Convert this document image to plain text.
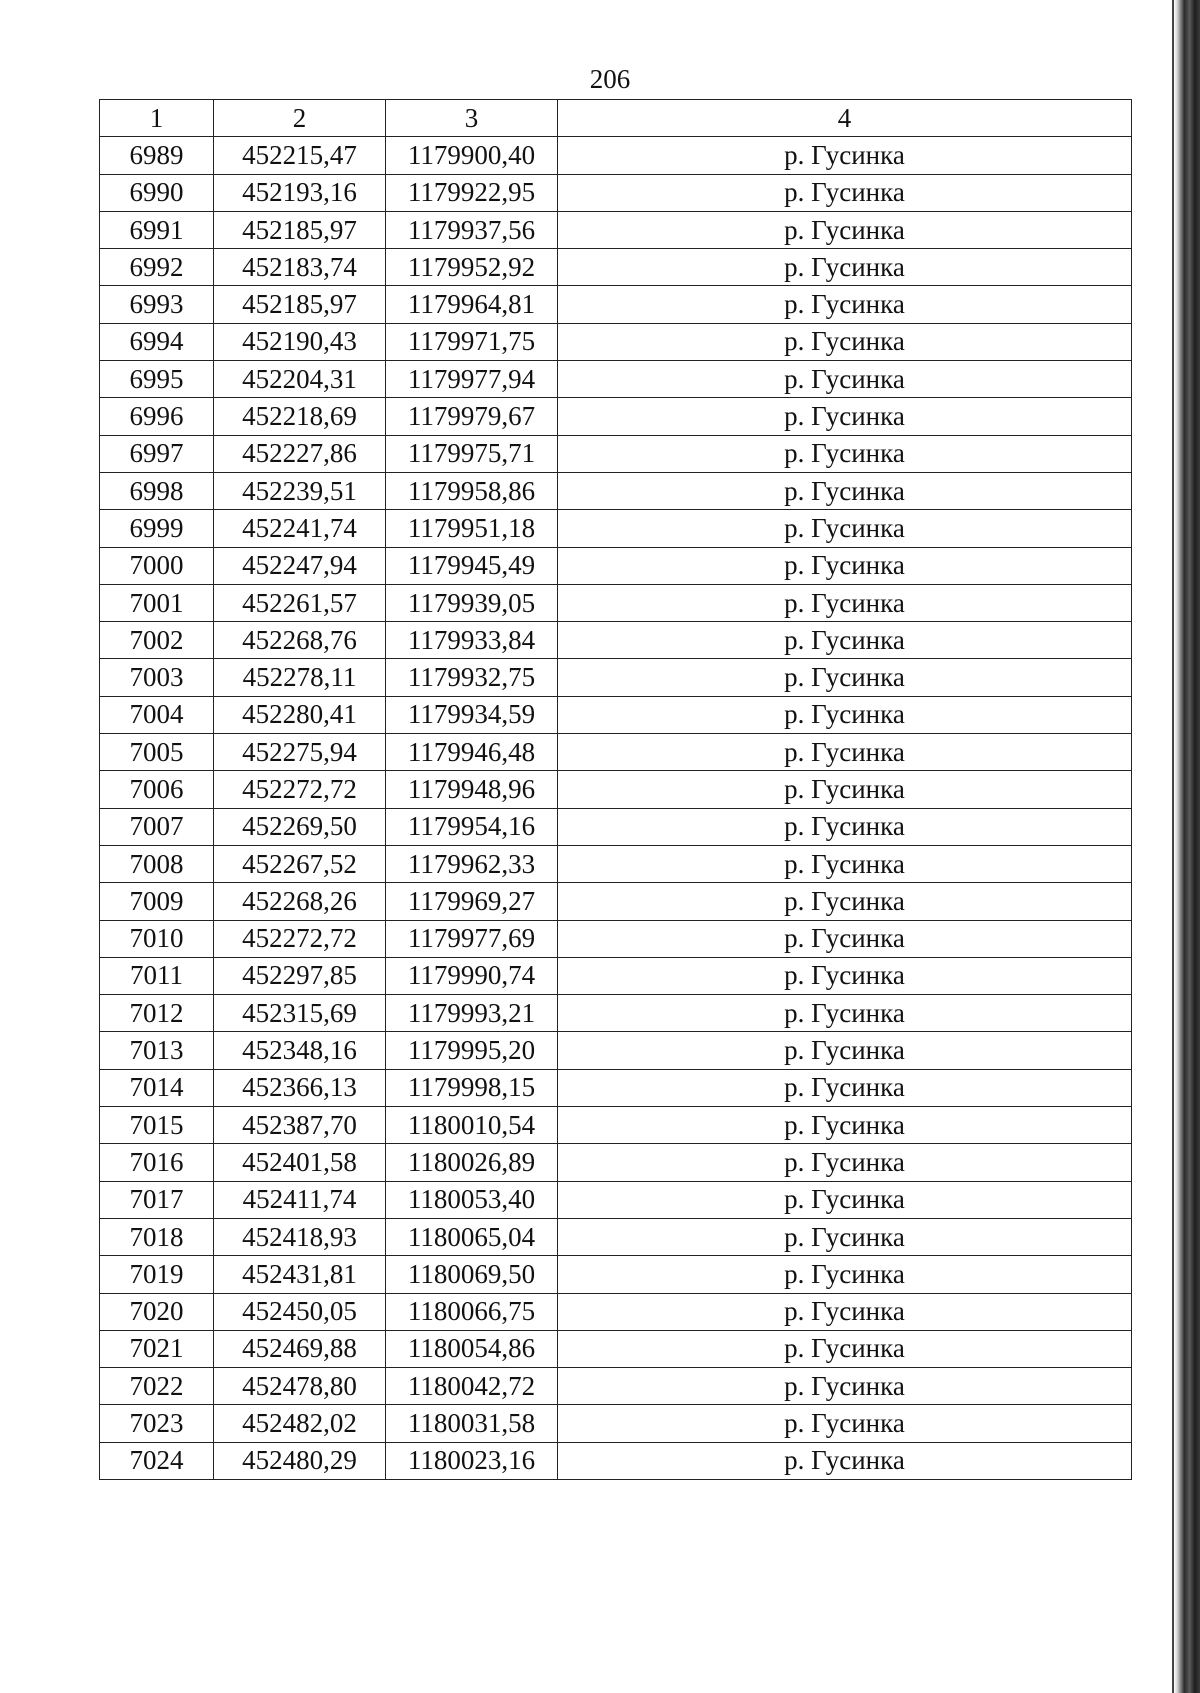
206
1	2	3	4
6989	452215,47	1179900,40	р. Гусинка
6990	452193,16	1179922,95	р. Гусинка
6991	452185,97	1179937,56	р. Гусинка
6992	452183,74	1179952,92	р. Гусинка
6993	452185,97	1179964,81	р. Гусинка
6994	452190,43	1179971,75	р. Гусинка
6995	452204,31	1179977,94	р. Гусинка
6996	452218,69	1179979,67	р. Гусинка
6997	452227,86	1179975,71	р. Гусинка
6998	452239,51	1179958,86	р. Гусинка
6999	452241,74	1179951,18	р. Гусинка
7000	452247,94	1179945,49	р. Гусинка
7001	452261,57	1179939,05	р. Гусинка
7002	452268,76	1179933,84	р. Гусинка
7003	452278,11	1179932,75	р. Гусинка
7004	452280,41	1179934,59	р. Гусинка
7005	452275,94	1179946,48	р. Гусинка
7006	452272,72	1179948,96	р. Гусинка
7007	452269,50	1179954,16	р. Гусинка
7008	452267,52	1179962,33	р. Гусинка
7009	452268,26	1179969,27	р. Гусинка
7010	452272,72	1179977,69	р. Гусинка
7011	452297,85	1179990,74	р. Гусинка
7012	452315,69	1179993,21	р. Гусинка
7013	452348,16	1179995,20	р. Гусинка
7014	452366,13	1179998,15	р. Гусинка
7015	452387,70	1180010,54	р. Гусинка
7016	452401,58	1180026,89	р. Гусинка
7017	452411,74	1180053,40	р. Гусинка
7018	452418,93	1180065,04	р. Гусинка
7019	452431,81	1180069,50	р. Гусинка
7020	452450,05	1180066,75	р. Гусинка
7021	452469,88	1180054,86	р. Гусинка
7022	452478,80	1180042,72	р. Гусинка
7023	452482,02	1180031,58	р. Гусинка
7024	452480,29	1180023,16	р. Гусинка
